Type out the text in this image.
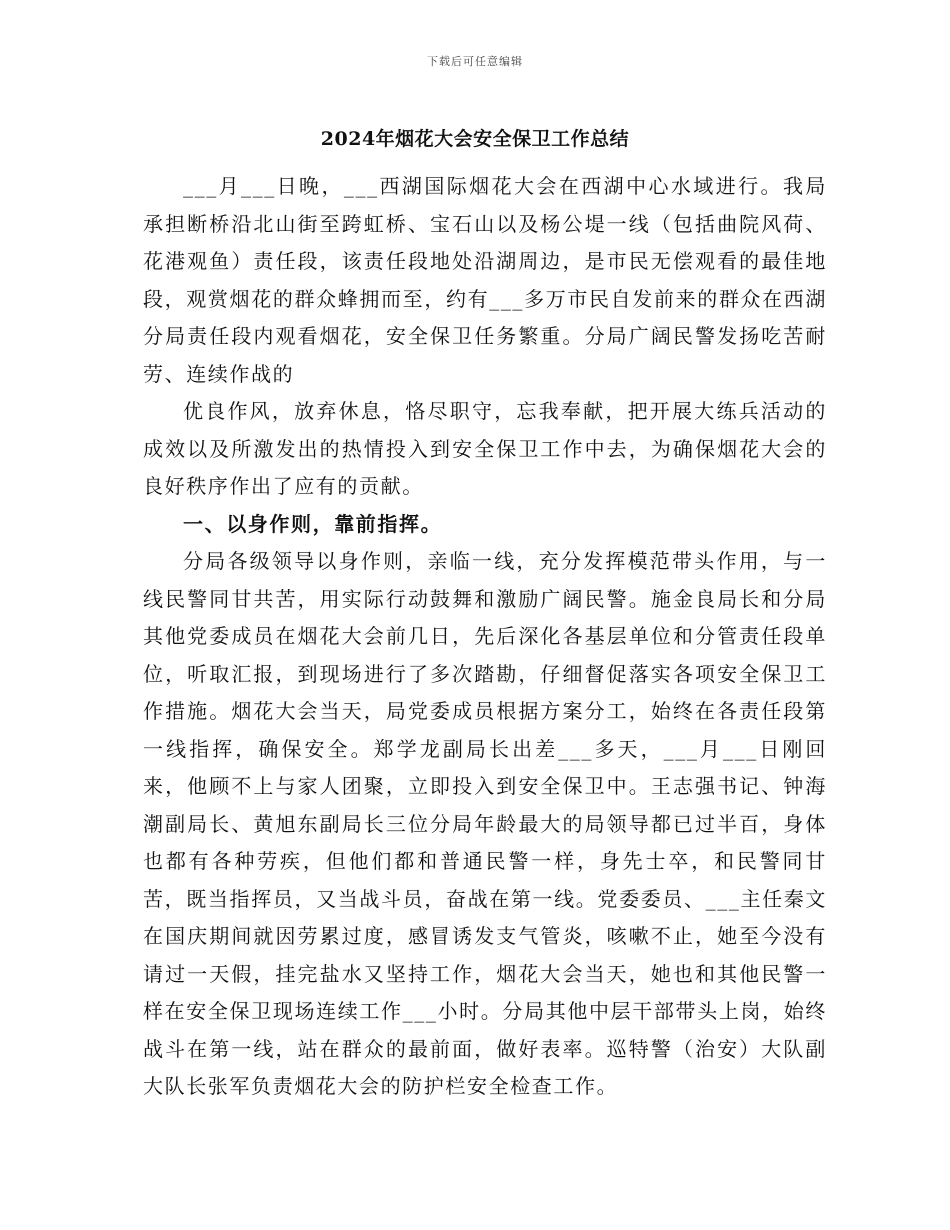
下载后可任意编辑
2024年烟花大会安全保卫工作总结

___月___日晚，___西湖国际烟花大会在西湖中心水域进行。我局承担断桥沿北山街至跨虹桥、宝石山以及杨公堤一线（包括曲院风荷、花港观鱼）责任段，该责任段地处沿湖周边，是市民无偿观看的最佳地段，观赏烟花的群众蜂拥而至，约有___多万市民自发前来的群众在西湖分局责任段内观看烟花，安全保卫任务繁重。分局广阔民警发扬吃苦耐劳、连续作战的

优良作风，放弃休息，恪尽职守，忘我奉献，把开展大练兵活动的成效以及所激发出的热情投入到安全保卫工作中去，为确保烟花大会的良好秩序作出了应有的贡献。

一、以身作则，靠前指挥。

分局各级领导以身作则，亲临一线，充分发挥模范带头作用，与一线民警同甘共苦，用实际行动鼓舞和激励广阔民警。施金良局长和分局其他党委成员在烟花大会前几日，先后深化各基层单位和分管责任段单位，听取汇报，到现场进行了多次踏勘，仔细督促落实各项安全保卫工作措施。烟花大会当天，局党委成员根据方案分工，始终在各责任段第一线指挥，确保安全。郑学龙副局长出差___多天，___月___日刚回来，他顾不上与家人团聚，立即投入到安全保卫中。王志强书记、钟海潮副局长、黄旭东副局长三位分局年龄最大的局领导都已过半百，身体也都有各种劳疾，但他们都和普通民警一样，身先士卒，和民警同甘苦，既当指挥员，又当战斗员，奋战在第一线。党委委员、___主任秦文在国庆期间就因劳累过度，感冒诱发支气管炎，咳嗽不止，她至今没有请过一天假，挂完盐水又坚持工作，烟花大会当天，她也和其他民警一样在安全保卫现场连续工作___小时。分局其他中层干部带头上岗，始终战斗在第一线，站在群众的最前面，做好表率。巡特警（治安）大队副大队长张军负责烟花大会的防护栏安全检查工作。
